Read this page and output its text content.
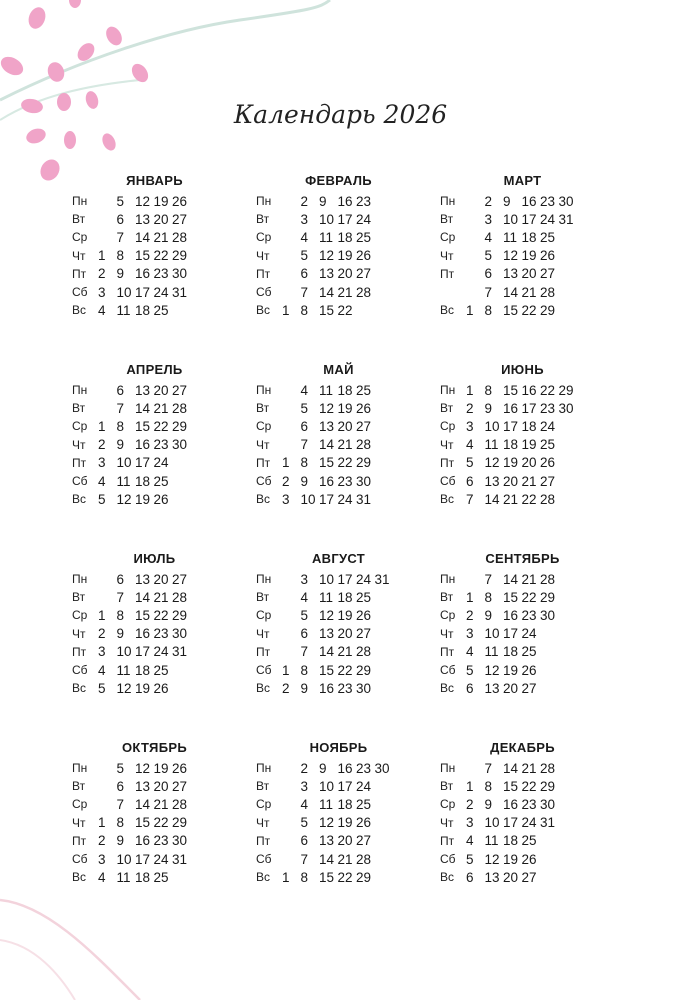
Календарь 2026
ЯНВАРЬ
Пн	5 12 19 26
Вт	6 13 20 27
Ср	7 14 21 28
Чт 1 8 15 22 29
Пт 2 9 16 23 30
Сб 3 10 17 24 31
Вс 4 11 18 25
ФЕВРАЛЬ
Пн	2 9 16 23
Вт	3 10 17 24
Ср	4 11 18 25
Чт	5 12 19 26
Пт	6 13 20 27
Сб	7 14 21 28
Вс 1 8 15 22
МАРТ
Пн	2 9 16 23 30
Вт	3 10 17 24 31
Ср	4 11 18 25
Чт	5 12 19 26
Пт	6 13 20 27
7 14 21 28
Вс 1 8 15 22 29
АПРЕЛЬ
Пн	6 13 20 27
Вт	7 14 21 28
Ср 1 8 15 22 29
Чт 2 9 16 23 30
Пт 3 10 17 24
Сб 4 11 18 25
Вс 5 12 19 26
МАЙ
Пн	4 11 18 25
Вт	5 12 19 26
Ср	6 13 20 27
Чт	7 14 21 28
Пт 1 8 15 22 29
Сб 2 9 16 23 30
Вс 3 10 17 24 31
ИЮНЬ
Пн 1 8 15 16 22 29
Вт 2 9 16 17 23 30
Ср 3 10 17 18 24
Чт 4 11 18 19 25
Пт 5 12 19 20 26
Сб 6 13 20 21 27
Вс 7 14 21 22 28
ИЮЛЬ
Пн	6 13 20 27
Вт	7 14 21 28
Ср 1 8 15 22 29
Чт 2 9 16 23 30
Пт 3 10 17 24 31
Сб 4 11 18 25
Вс 5 12 19 26
АВГУСТ
Пн	3 10 17 24 31
Вт	4 11 18 25
Ср	5 12 19 26
Чт	6 13 20 27
Пт	7 14 21 28
Сб 1 8 15 22 29
Вс 2 9 16 23 30
СЕНТЯБРЬ
Пн	7 14 21 28
Вт 1 8 15 22 29
Ср 2 9 16 23 30
Чт 3 10 17 24
Пт 4 11 18 25
Сб 5 12 19 26
Вс 6 13 20 27
ОКТЯБРЬ
Пн	5 12 19 26
Вт	6 13 20 27
Ср	7 14 21 28
Чт 1 8 15 22 29
Пт 2 9 16 23 30
Сб 3 10 17 24 31
Вс 4 11 18 25
НОЯБРЬ
Пн	2 9 16 23 30
Вт	3 10 17 24
Ср	4 11 18 25
Чт	5 12 19 26
Пт	6 13 20 27
Сб	7 14 21 28
Вс 1 8 15 22 29
ДЕКАБРЬ
Пн	7 14 21 28
Вт 1 8 15 22 29
Ср 2 9 16 23 30
Чт 3 10 17 24 31
Пт 4 11 18 25
Сб 5 12 19 26
Вс 6 13 20 27
